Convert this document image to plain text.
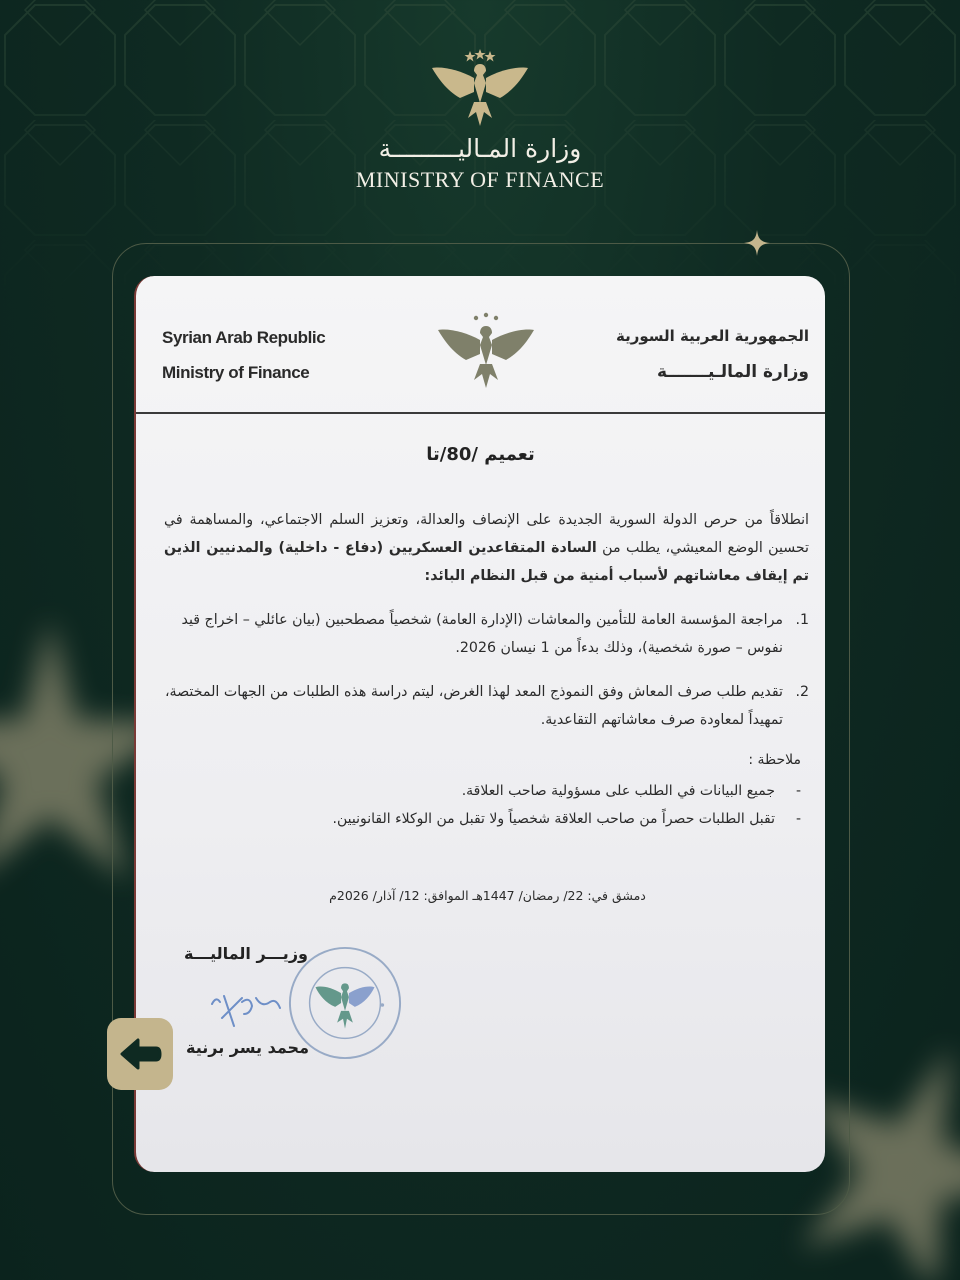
وزارة المـاليـــــــــة
MINISTRY OF FINANCE
Syrian Arab Republic
Ministry of Finance
الجمهورية العربية السورية
وزارة المالـيـــــــة
تعميم /80/تا
انطلاقاً من حرص الدولة السورية الجديدة على الإنصاف والعدالة، وتعزيز السلم الاجتماعي، والمساهمة في تحسين الوضع المعيشي، يطلب من السادة المتقاعدين العسكريين (دفاع - داخلية) والمدنيين الذين تم إيقاف معاشاتهم لأسباب أمنية من قبل النظام البائد:
1.
مراجعة المؤسسة العامة للتأمين والمعاشات (الإدارة العامة) شخصياً مصطحبين (بيان عائلي – اخراج قيد نفوس – صورة شخصية)، وذلك بدءاً من 1 نيسان 2026.
2.
تقديم طلب صرف المعاش وفق النموذج المعد لهذا الغرض، ليتم دراسة هذه الطلبات من الجهات المختصة، تمهيداً لمعاودة صرف معاشاتهم التقاعدية.
ملاحظة :
-جميع البيانات في الطلب على مسؤولية صاحب العلاقة.
-تقبل الطلبات حصراً من صاحب العلاقة شخصياً ولا تقبل من الوكلاء القانونيين.
دمشق في: 22/ رمضان/ 1447هـ الموافق: 12/ آذار/ 2026م
وزيـــر الماليـــة
محمد يسر برنية
